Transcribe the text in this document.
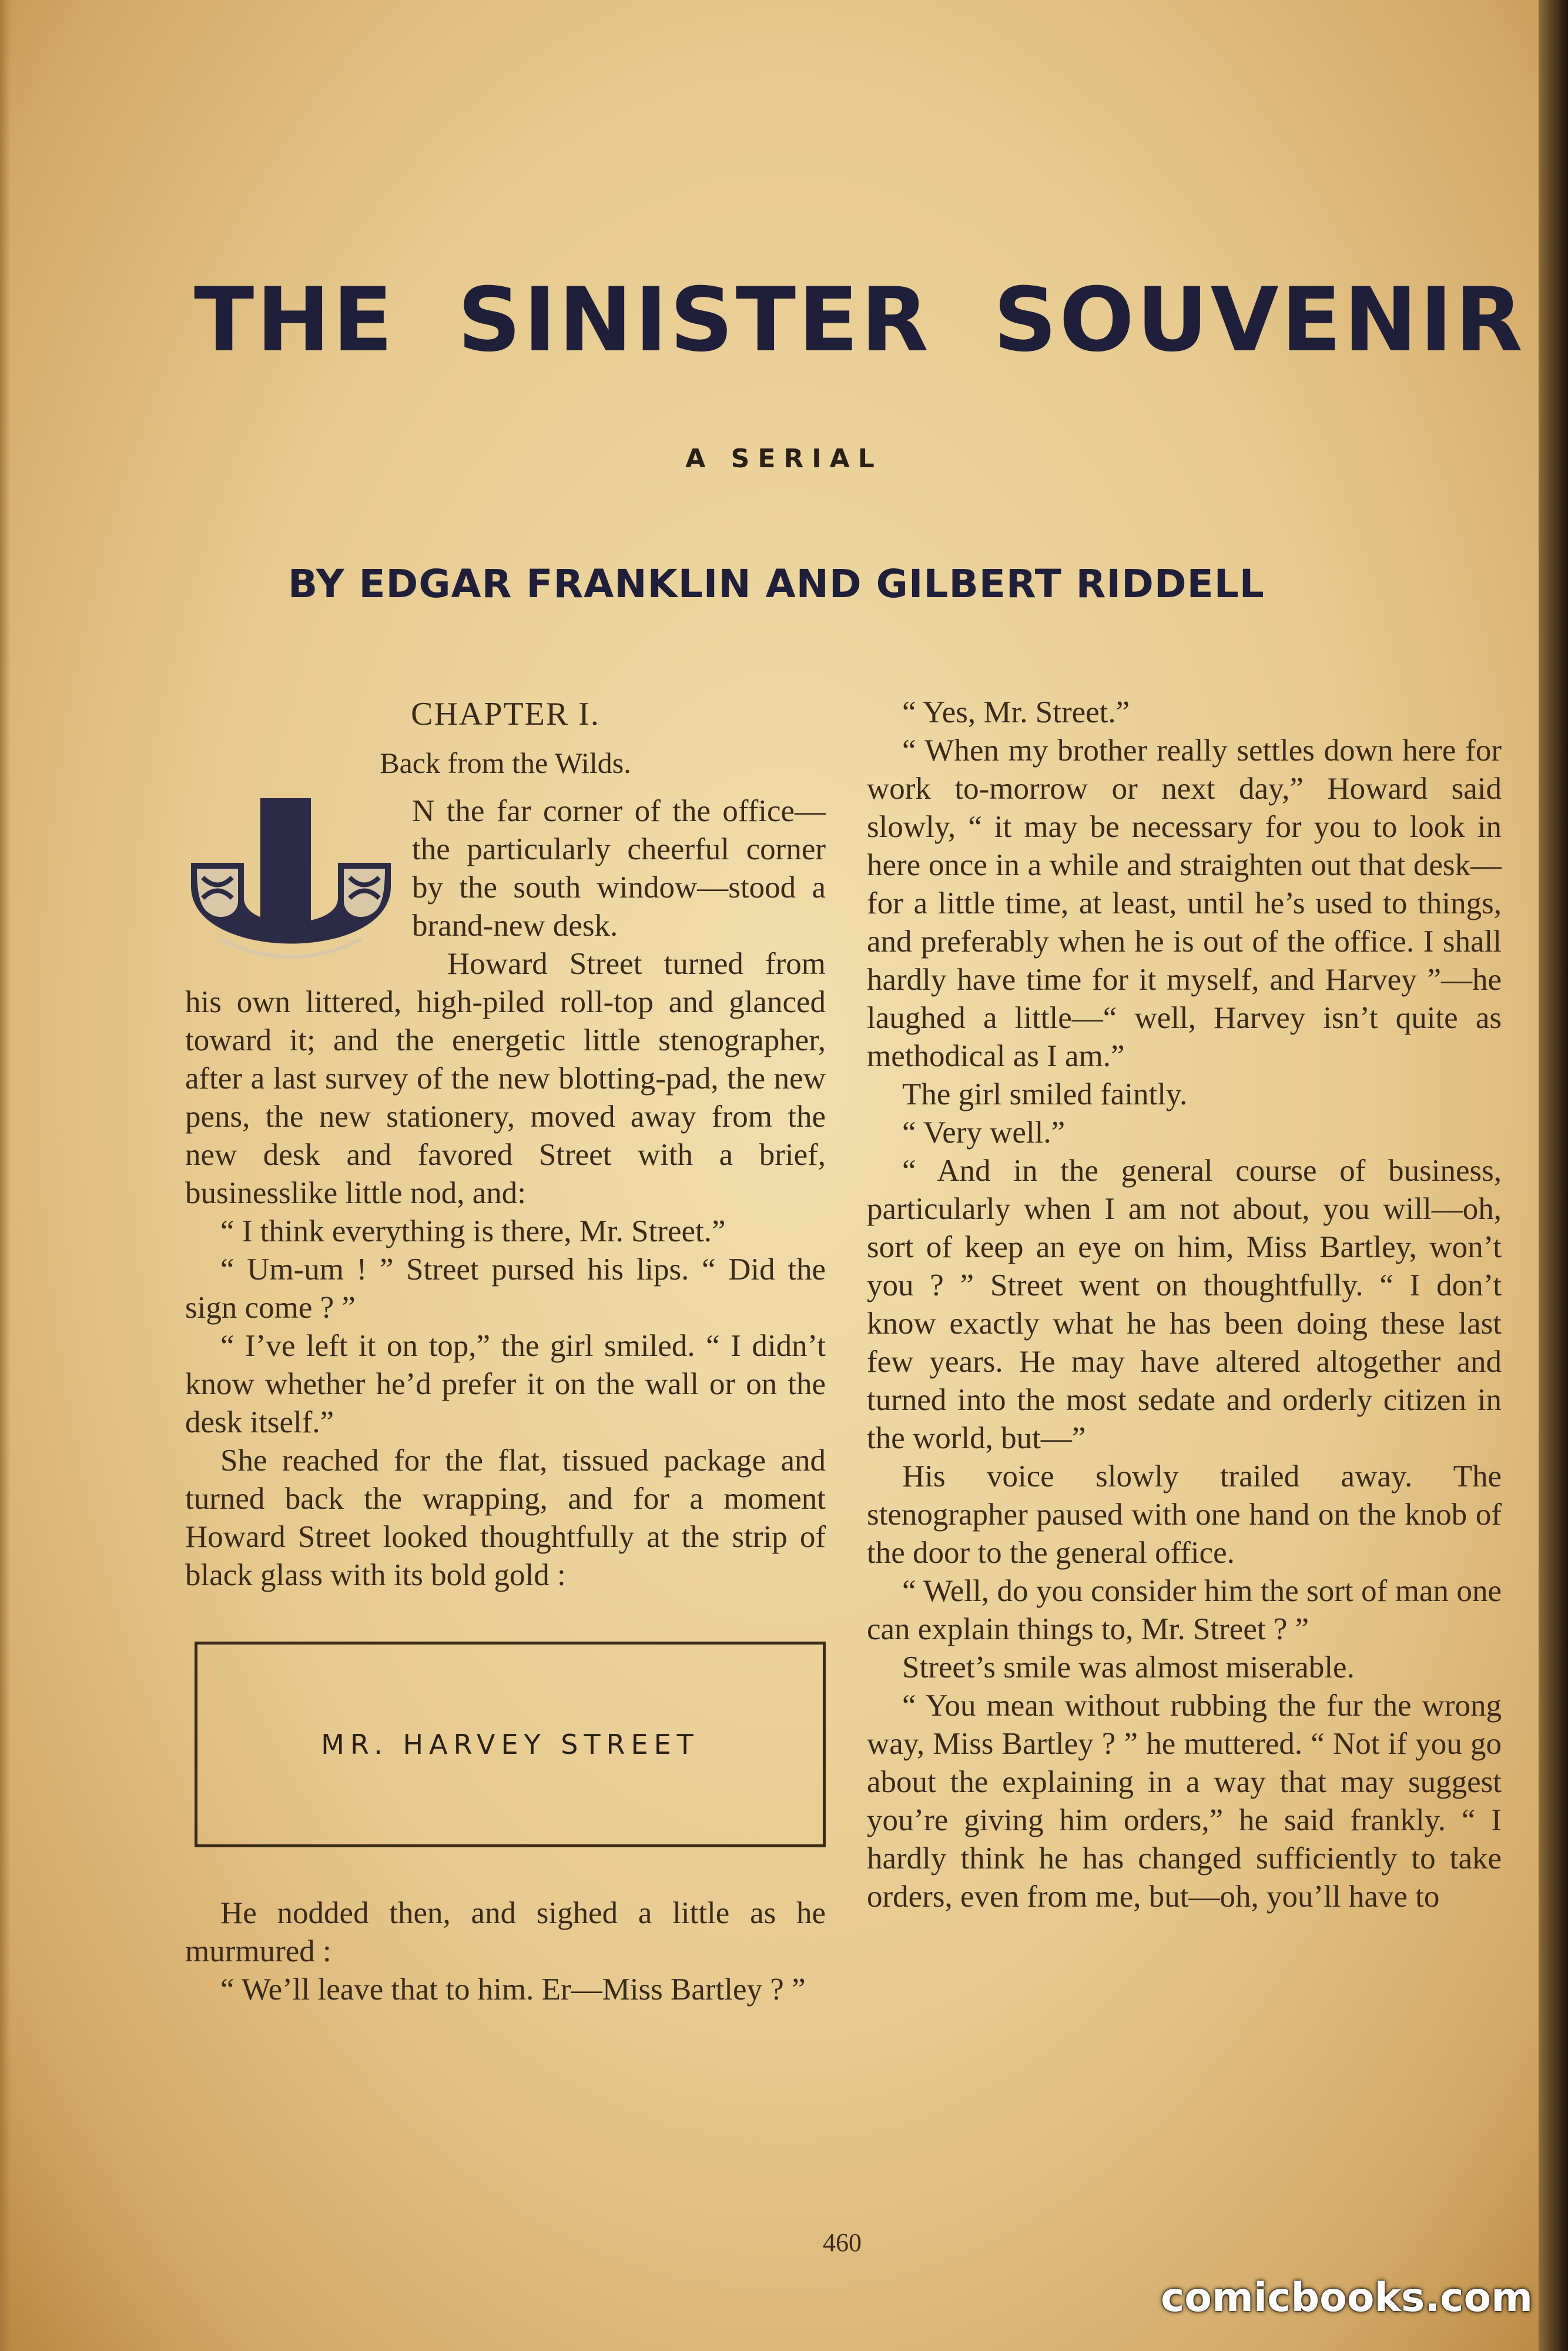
THE SINISTER SOUVENIR
A SERIAL
BY EDGAR FRANKLIN AND GILBERT RIDDELL
CHAPTER I.
Back from the Wilds.

N the far corner of the office—the particularly cheerful corner by the south window—stood a brand-new desk.

Howard Street turned from his own littered, high-piled roll-top and glanced toward it; and the energetic little stenographer, after a last survey of the new blotting-pad, the new pens, the new stationery, moved away from the new desk and favored Street with a brief, businesslike little nod, and:

“ I think everything is there, Mr. Street.”

“ Um-um ! ” Street pursed his lips. “ Did the sign come ? ”

“ I’ve left it on top,” the girl smiled. “ I didn’t know whether he’d prefer it on the wall or on the desk itself.”

She reached for the flat, tissued package and turned back the wrapping, and for a moment Howard Street looked thoughtfully at the strip of black glass with its bold gold :

MR. HARVEY STREET

He nodded then, and sighed a little as he murmured :

“ We’ll leave that to him. Er—Miss Bartley ? ”

“ Yes, Mr. Street.”

“ When my brother really settles down here for work to-morrow or next day,” Howard said slowly, “ it may be necessary for you to look in here once in a while and straighten out that desk—for a little time, at least, until he’s used to things, and preferably when he is out of the office. I shall hardly have time for it myself, and Harvey ”—he laughed a little—“ well, Harvey isn’t quite as methodical as I am.”

The girl smiled faintly.

“ Very well.”

“ And in the general course of business, particularly when I am not about, you will—oh, sort of keep an eye on him, Miss Bartley, won’t you ? ” Street went on thoughtfully. “ I don’t know exactly what he has been doing these last few years. He may have altered altogether and turned into the most sedate and orderly citizen in the world, but—”

His voice slowly trailed away. The stenographer paused with one hand on the knob of the door to the general office.

“ Well, do you consider him the sort of man one can explain things to, Mr. Street ? ”

Street’s smile was almost miserable.

“ You mean without rubbing the fur the wrong way, Miss Bartley ? ” he muttered. “ Not if you go about the explaining in a way that may suggest you’re giving him orders,” he said frankly. “ I hardly think he has changed sufficiently to take orders, even from me, but—oh, you’ll have to

460
comicbooks.com
